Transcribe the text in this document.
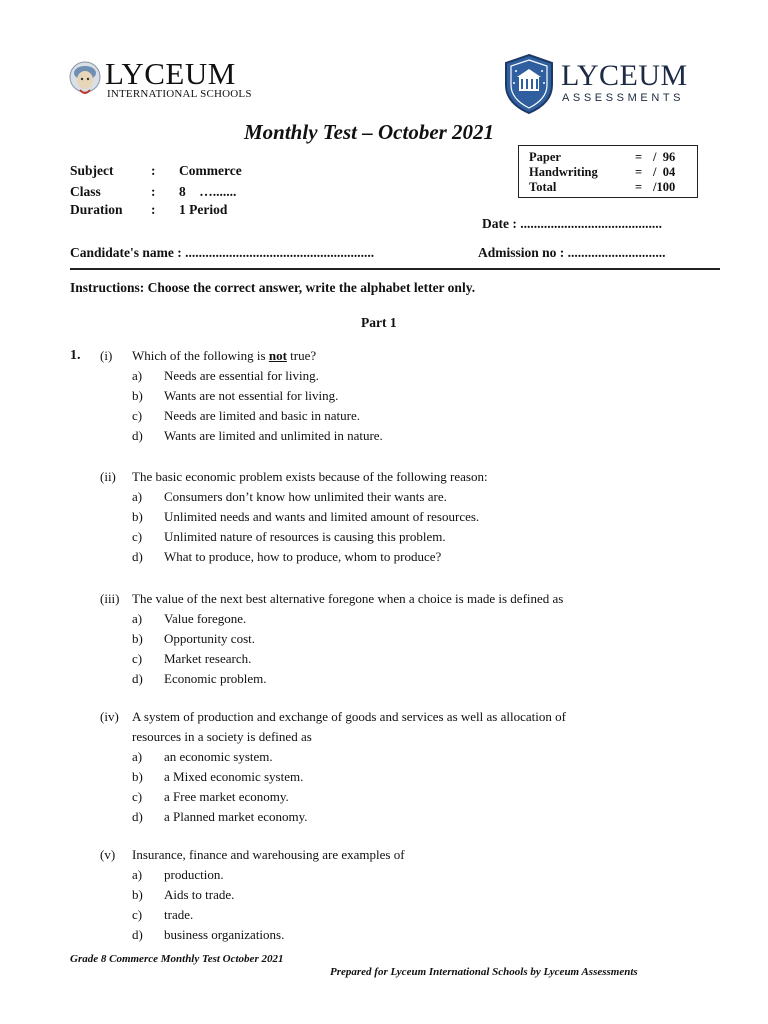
LYCEUM
INTERNATIONAL SCHOOLS
LYCEUM
ASSESSMENTS
Monthly Test – October 2021
Subject	: Commerce
Class	: 8    ….......
Duration : 1 Period
Paper	= /  96
Handwriting	= /  04
Total	= /100
Date : ..........................................
Candidate's name : ........................................................	Admission no : .............................
Instructions: Choose the correct answer, write the alphabet letter only.
Part 1
1. (i) Which of the following is not true?
a) Needs are essential for living.
b) Wants are not essential for living.
c) Needs are limited and basic in nature.
d) Wants are limited and unlimited in nature.
(ii) The basic economic problem exists because of the following reason:
a) Consumers don’t know how unlimited their wants are.
b) Unlimited needs and wants and limited amount of resources.
c) Unlimited nature of resources is causing this problem.
d) What to produce, how to produce, whom to produce?
(iii) The value of the next best alternative foregone when a choice is made is defined as
a) Value foregone.
b) Opportunity cost.
c) Market research.
d) Economic problem.
(iv) A system of production and exchange of goods and services as well as allocation of
resources in a society is defined as
a) an economic system.
b) a Mixed economic system.
c) a Free market economy.
d) a Planned market economy.
(v) Insurance, finance and warehousing are examples of
a) production.
b) Aids to trade.
c) trade.
d) business organizations.
Grade 8 Commerce Monthly Test October 2021
Prepared for Lyceum International Schools by Lyceum Assessments
